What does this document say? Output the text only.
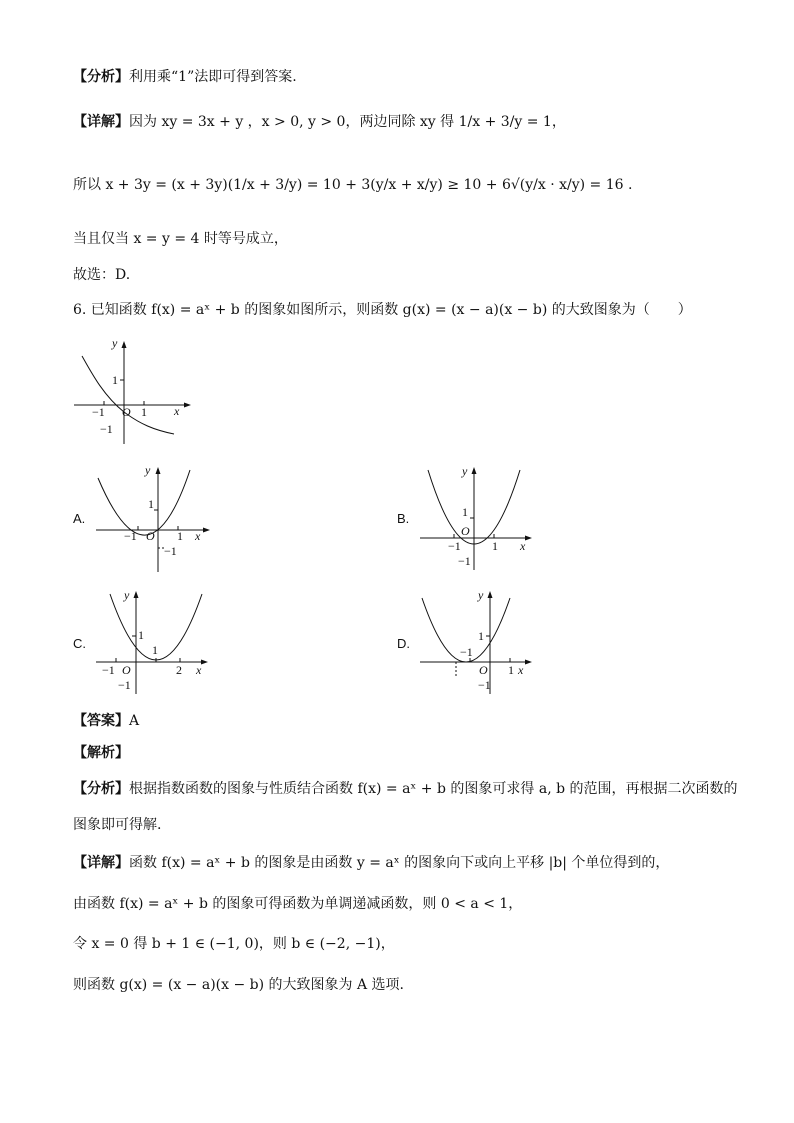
【分析】利用乘“1”法即可得到答案.
【详解】因为 xy = 3x + y ，x > 0, y > 0，两边同除 xy 得 1/x + 3/y = 1，
所以 x + 3y = (x + 3y)(1/x + 3/y) = 10 + 3(y/x + x/y) ≥ 10 + 6√(y/x · x/y) = 16 .
当且仅当 x = y = 4 时等号成立，
故选：D.
6. 已知函数 f(x) = aˣ + b 的图象如图所示，则函数 g(x) = (x − a)(x − b) 的大致图象为（　　）
y
1
x
−1 O 1
−1
A.
y
1
x
−1 O 1
−1
B.
y
1
x
−1
O
1
−1
C.
y
1
x
−1 O
1
2
−1
D.
y
1
x
−1
O 1
−1
【答案】A
【解析】
【分析】根据指数函数的图象与性质结合函数 f(x) = aˣ + b 的图象可求得 a, b 的范围，再根据二次函数的
图象即可得解.
【详解】函数 f(x) = aˣ + b 的图象是由函数 y = aˣ 的图象向下或向上平移 |b| 个单位得到的，
由函数 f(x) = aˣ + b 的图象可得函数为单调递减函数，则 0 < a < 1，
令 x = 0 得 b + 1 ∈ (−1, 0)，则 b ∈ (−2, −1)，
则函数 g(x) = (x − a)(x − b) 的大致图象为 A 选项.
